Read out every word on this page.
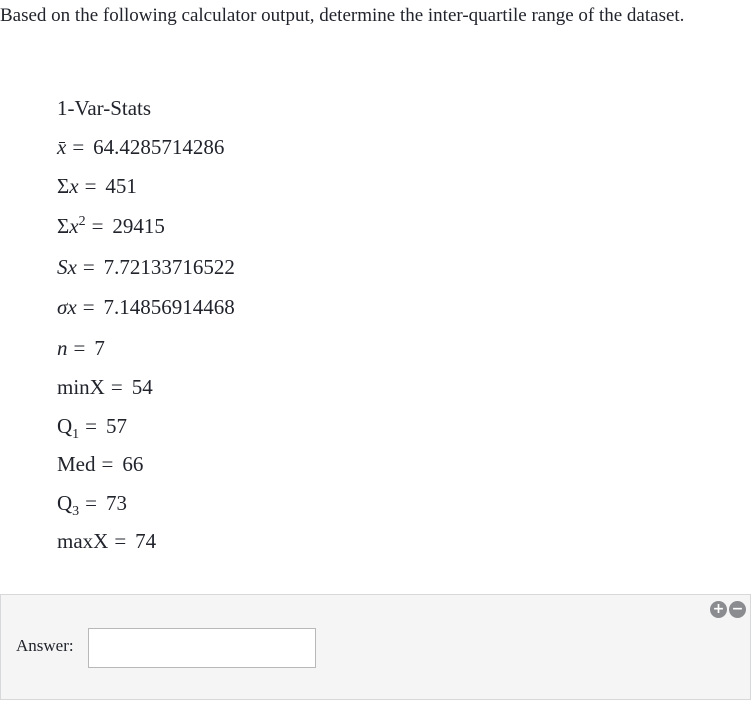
Based on the following calculator output, determine the inter-quartile range of the dataset.
1-Var-Stats
x = 64.4285714286
Σx = 451
$\Sigma x^2 = 29415$
Sx = 7.72133716522
σx = 7.14856914468
n = 7
minX = 54
$Q_1 = 57$
Med = 66
$Q_3 = 73$
maxX = 74
+ −
Answer:
